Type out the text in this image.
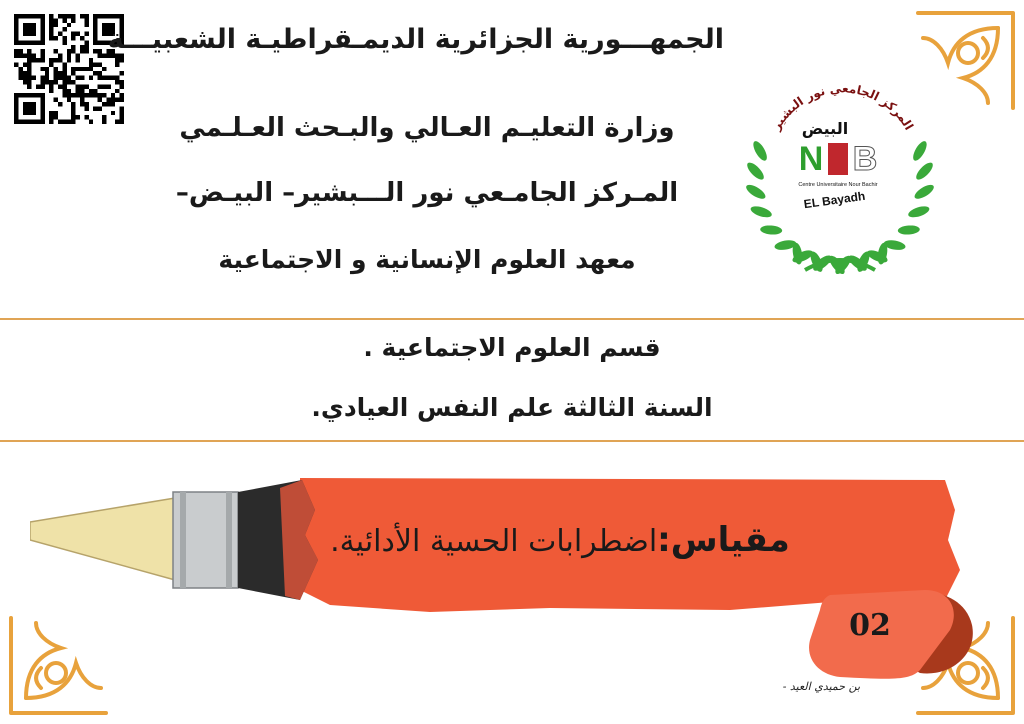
الجمهـــورية الجزائرية الديمـقراطيـة الشعبيـــة
وزارة التعليـم العـالي والبـحث العـلـمي
المـركز الجامـعي نور الـــبشير– البيـض–
معهد العلوم الإنسانية و الاجتماعية
المركز الجامعي نور البشير
البيض
N B
Centre Universitaire Nour Bachir
EL Bayadh
قسم العلوم الاجتماعية .
السنة الثالثة علم النفس العيادي.
مقياس:اضطرابات الحسية الأدائية.
02
بن حميدي العيد -
